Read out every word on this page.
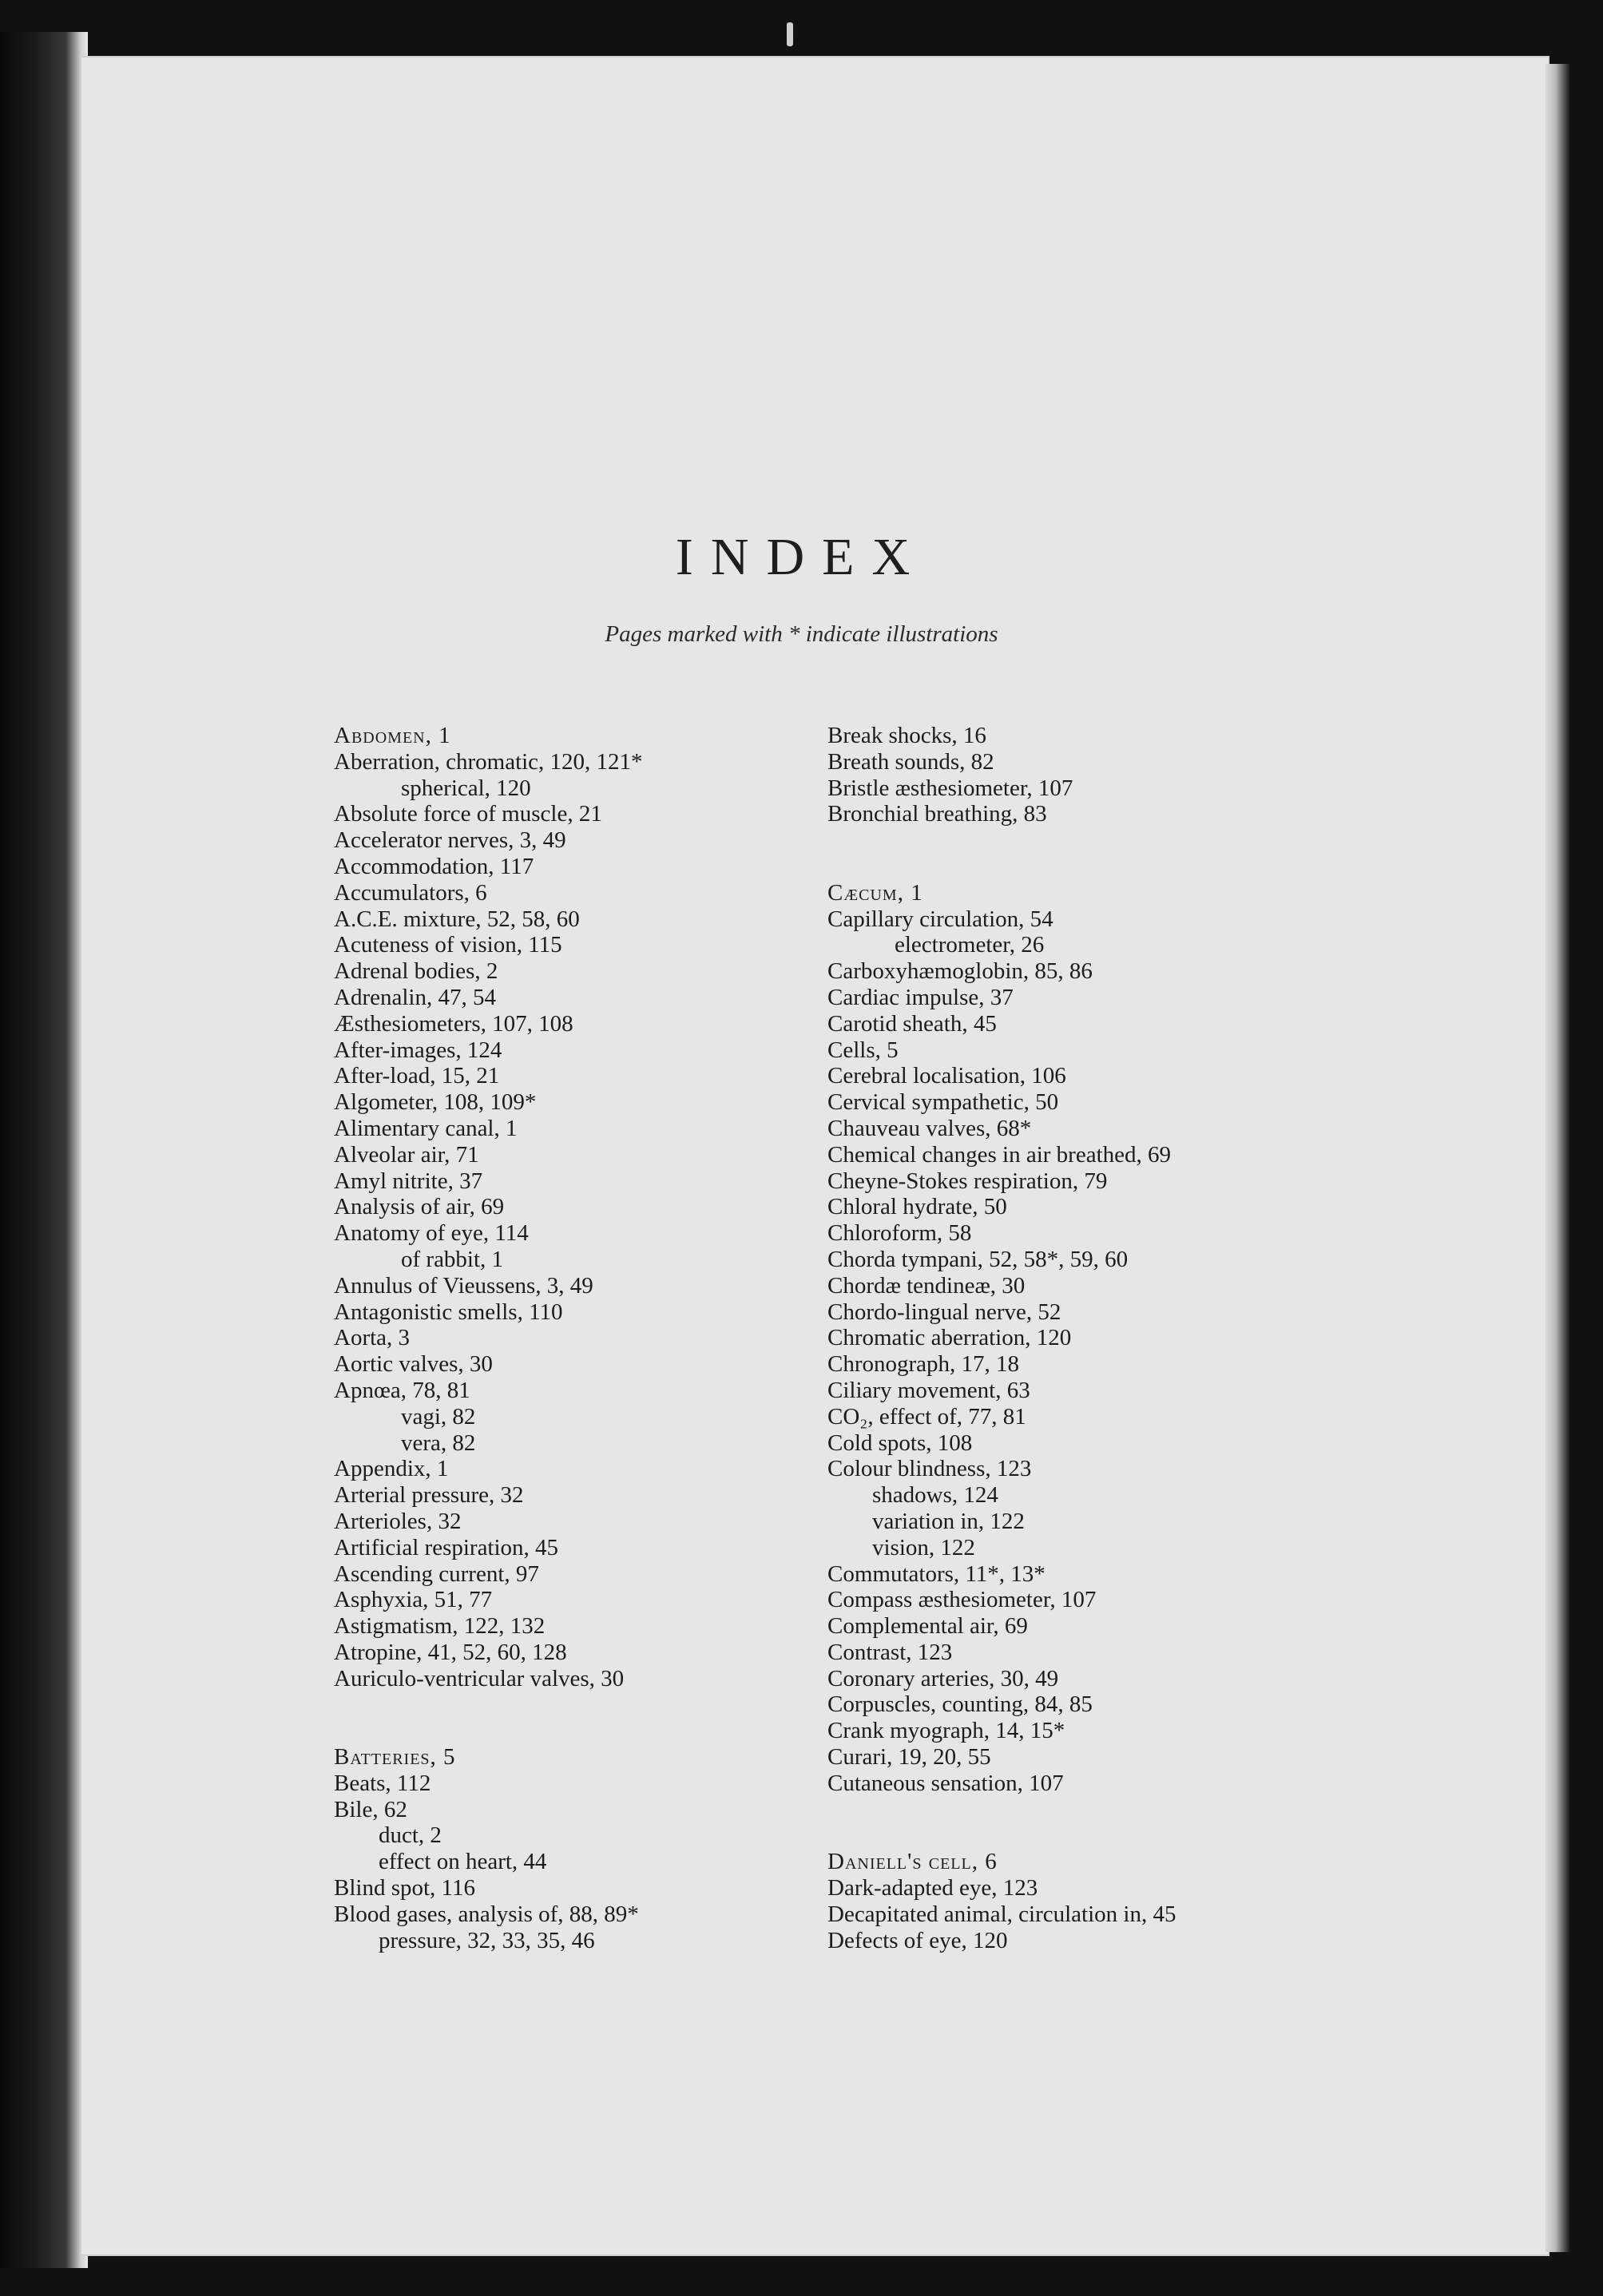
INDEX
Pages marked with * indicate illustrations
Abdomen, 1
Aberration, chromatic, 120, 121*
spherical, 120
Absolute force of muscle, 21
Accelerator nerves, 3, 49
Accommodation, 117
Accumulators, 6
A.C.E. mixture, 52, 58, 60
Acuteness of vision, 115
Adrenal bodies, 2
Adrenalin, 47, 54
Æsthesiometers, 107, 108
After-images, 124
After-load, 15, 21
Algometer, 108, 109*
Alimentary canal, 1
Alveolar air, 71
Amyl nitrite, 37
Analysis of air, 69
Anatomy of eye, 114
of rabbit, 1
Annulus of Vieussens, 3, 49
Antagonistic smells, 110
Aorta, 3
Aortic valves, 30
Apnœa, 78, 81
vagi, 82
vera, 82
Appendix, 1
Arterial pressure, 32
Arterioles, 32
Artificial respiration, 45
Ascending current, 97
Asphyxia, 51, 77
Astigmatism, 122, 132
Atropine, 41, 52, 60, 128
Auriculo-ventricular valves, 30
Batteries, 5
Beats, 112
Bile, 62
duct, 2
effect on heart, 44
Blind spot, 116
Blood gases, analysis of, 88, 89*
pressure, 32, 33, 35, 46
Break shocks, 16
Breath sounds, 82
Bristle æsthesiometer, 107
Bronchial breathing, 83
Cæcum, 1
Capillary circulation, 54
electrometer, 26
Carboxyhæmoglobin, 85, 86
Cardiac impulse, 37
Carotid sheath, 45
Cells, 5
Cerebral localisation, 106
Cervical sympathetic, 50
Chauveau valves, 68*
Chemical changes in air breathed, 69
Cheyne-Stokes respiration, 79
Chloral hydrate, 50
Chloroform, 58
Chorda tympani, 52, 58*, 59, 60
Chordæ tendineæ, 30
Chordo-lingual nerve, 52
Chromatic aberration, 120
Chronograph, 17, 18
Ciliary movement, 63
CO₂, effect of, 77, 81
Cold spots, 108
Colour blindness, 123
shadows, 124
variation in, 122
vision, 122
Commutators, 11*, 13*
Compass æsthesiometer, 107
Complemental air, 69
Contrast, 123
Coronary arteries, 30, 49
Corpuscles, counting, 84, 85
Crank myograph, 14, 15*
Curari, 19, 20, 55
Cutaneous sensation, 107
Daniell's cell, 6
Dark-adapted eye, 123
Decapitated animal, circulation in, 45
Defects of eye, 120
